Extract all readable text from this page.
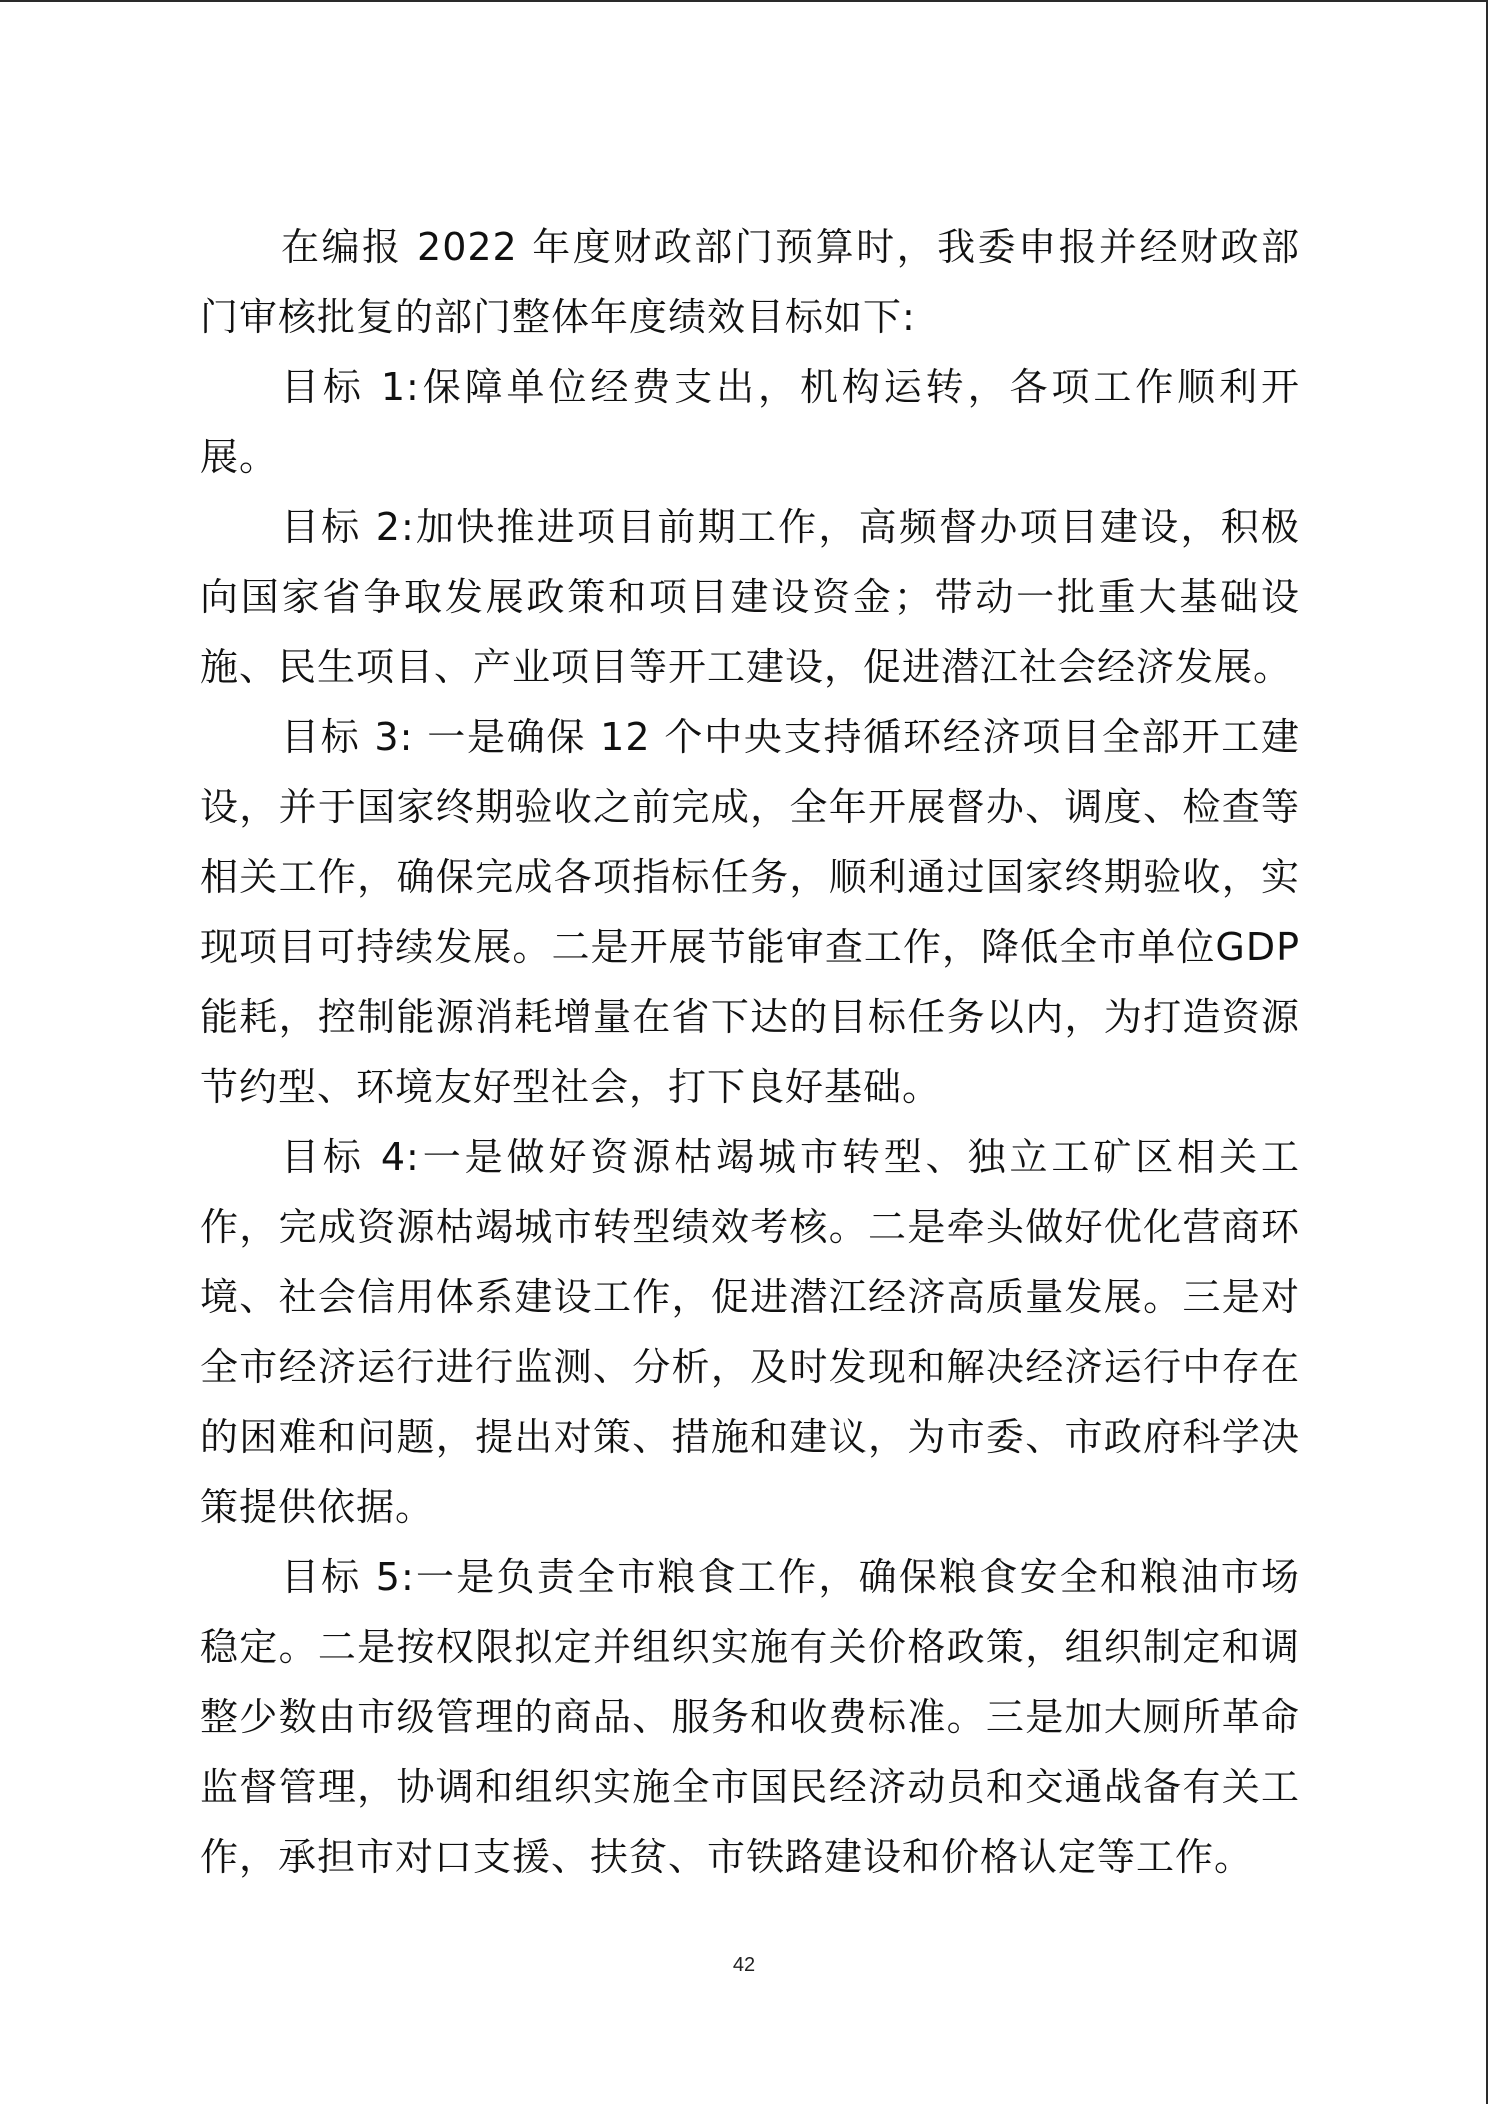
在编报 2022 年度财政部门预算时，我委申报并经财政部门审核批复的部门整体年度绩效目标如下:

目标 1:保障单位经费支出，机构运转，各项工作顺利开展。

目标 2:加快推进项目前期工作，高频督办项目建设，积极向国家省争取发展政策和项目建设资金；带动一批重大基础设施、民生项目、产业项目等开工建设，促进潜江社会经济发展。

目标 3: 一是确保 12 个中央支持循环经济项目全部开工建设，并于国家终期验收之前完成，全年开展督办、调度、检查等相关工作，确保完成各项指标任务，顺利通过国家终期验收，实现项目可持续发展。二是开展节能审查工作，降低全市单位GDP 能耗，控制能源消耗增量在省下达的目标任务以内，为打造资源节约型、环境友好型社会，打下良好基础。

目标 4:一是做好资源枯竭城市转型、独立工矿区相关工作，完成资源枯竭城市转型绩效考核。二是牵头做好优化营商环境、社会信用体系建设工作，促进潜江经济高质量发展。三是对全市经济运行进行监测、分析，及时发现和解决经济运行中存在的困难和问题，提出对策、措施和建议，为市委、市政府科学决策提供依据。

目标 5:一是负责全市粮食工作，确保粮食安全和粮油市场稳定。二是按权限拟定并组织实施有关价格政策，组织制定和调整少数由市级管理的商品、服务和收费标准。三是加大厕所革命监督管理，协调和组织实施全市国民经济动员和交通战备有关工作，承担市对口支援、扶贫、市铁路建设和价格认定等工作。

42
